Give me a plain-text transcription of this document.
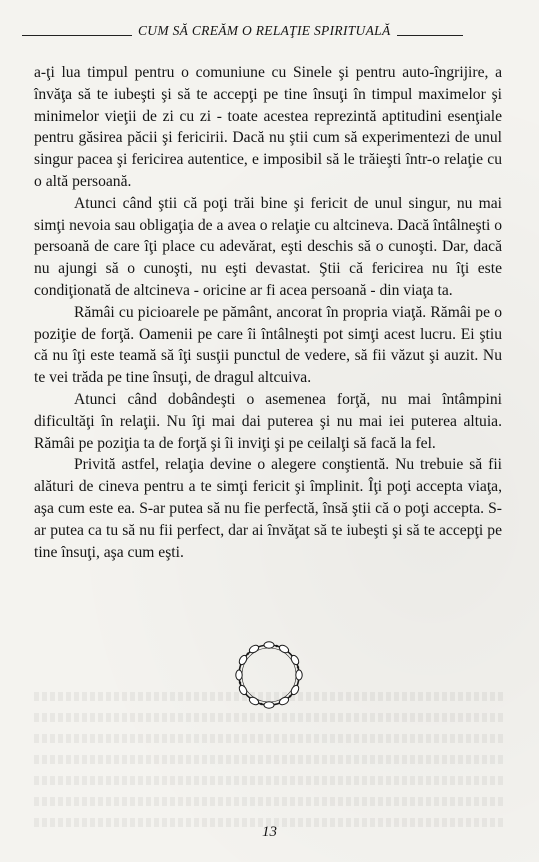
CUM SĂ CREĂM O RELAŢIE SPIRITUALĂ

a-ţi lua timpul pentru o comuniune cu Sinele şi pentru auto-îngrijire, a învăţa să te iubeşti şi să te accepţi pe tine însuţi în timpul maximelor şi minimelor vieţii de zi cu zi - toate acestea reprezintă aptitudini esenţiale pentru găsirea păcii şi fericirii. Dacă nu ştii cum să experimentezi de unul singur pacea şi fericirea autentice, e imposibil să le trăieşti într-o relaţie cu o altă persoană.

Atunci când ştii că poţi trăi bine şi fericit de unul singur, nu mai simţi nevoia sau obligaţia de a avea o relaţie cu altcineva. Dacă întâlneşti o persoană de care îţi place cu adevărat, eşti deschis să o cunoşti. Dar, dacă nu ajungi să o cunoşti, nu eşti devastat. Ştii că fericirea nu îţi este condiţionată de altcineva - oricine ar fi acea persoană - din viaţa ta.

Rămâi cu picioarele pe pământ, ancorat în propria viaţă. Rămâi pe o poziţie de forţă. Oamenii pe care îi întâlneşti pot simţi acest lucru. Ei ştiu că nu îţi este teamă să îţi susţii punctul de vedere, să fii văzut şi auzit. Nu te vei trăda pe tine însuţi, de dragul altcuiva.

Atunci când dobândeşti o asemenea forţă, nu mai întâmpini dificultăţi în relaţii. Nu îţi mai dai puterea şi nu mai iei puterea altuia. Rămâi pe poziţia ta de forţă şi îi inviţi şi pe ceilalţi să facă la fel.

Privită astfel, relaţia devine o alegere conştientă. Nu trebuie să fii alături de cineva pentru a te simţi fericit şi împlinit. Îţi poţi accepta viaţa, aşa cum este ea. S-ar putea să nu fie perfectă, însă ştii că o poţi accepta. S-ar putea ca tu să nu fii perfect, dar ai învăţat să te iubeşti şi să te accepţi pe tine însuţi, aşa cum eşti.

13
